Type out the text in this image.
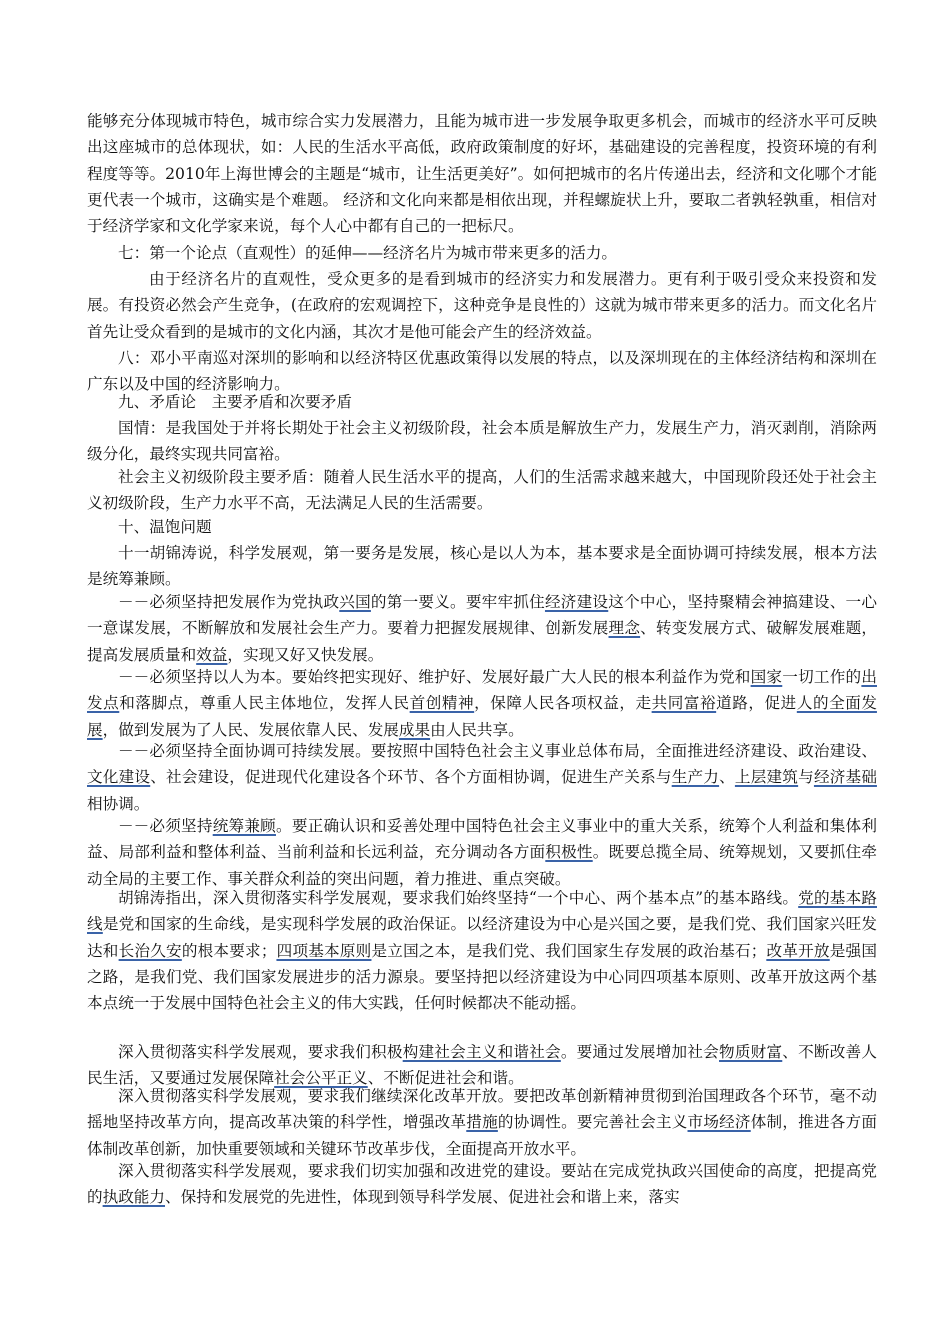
能够充分体现城市特色，城市综合实力发展潜力，且能为城市进一步发展争取更多机会，而城市的经济水平可反映出这座城市的总体现状，如：人民的生活水平高低，政府政策制度的好坏，基础建设的完善程度，投资环境的有利程度等等。2010年上海世博会的主题是“城市，让生活更美好”。如何把城市的名片传递出去，经济和文化哪个才能更代表一个城市，这确实是个难题。 经济和文化向来都是相依出现，并程螺旋状上升，要取二者孰轻孰重，相信对于经济学家和文化学家来说，每个人心中都有自己的一把标尺。

七：第一个论点（直观性）的延伸——经济名片为城市带来更多的活力。

由于经济名片的直观性，受众更多的是看到城市的经济实力和发展潜力。更有利于吸引受众来投资和发展。有投资必然会产生竞争，(在政府的宏观调控下，这种竞争是良性的）这就为城市带来更多的活力。而文化名片首先让受众看到的是城市的文化内涵，其次才是他可能会产生的经济效益。

八：邓小平南巡对深圳的影响和以经济特区优惠政策得以发展的特点，以及深圳现在的主体经济结构和深圳在广东以及中国的经济影响力。

九、矛盾论　主要矛盾和次要矛盾

国情：是我国处于并将长期处于社会主义初级阶段，社会本质是解放生产力，发展生产力，消灭剥削，消除两级分化，最终实现共同富裕。

社会主义初级阶段主要矛盾：随着人民生活水平的提高，人们的生活需求越来越大，中国现阶段还处于社会主义初级阶段，生产力水平不高，无法满足人民的生活需要。

十、温饱问题

十一胡锦涛说，科学发展观，第一要务是发展，核心是以人为本，基本要求是全面协调可持续发展，根本方法是统筹兼顾。

－－必须坚持把发展作为党执政兴国的第一要义。要牢牢抓住经济建设这个中心，坚持聚精会神搞建设、一心一意谋发展，不断解放和发展社会生产力。要着力把握发展规律、创新发展理念、转变发展方式、破解发展难题，提高发展质量和效益，实现又好又快发展。

－－必须坚持以人为本。要始终把实现好、维护好、发展好最广大人民的根本利益作为党和国家一切工作的出发点和落脚点，尊重人民主体地位，发挥人民首创精神，保障人民各项权益，走共同富裕道路，促进人的全面发展，做到发展为了人民、发展依靠人民、发展成果由人民共享。

－－必须坚持全面协调可持续发展。要按照中国特色社会主义事业总体布局，全面推进经济建设、政治建设、文化建设、社会建设，促进现代化建设各个环节、各个方面相协调，促进生产关系与生产力、上层建筑与经济基础相协调。

－－必须坚持统筹兼顾。要正确认识和妥善处理中国特色社会主义事业中的重大关系，统筹个人利益和集体利益、局部利益和整体利益、当前利益和长远利益，充分调动各方面积极性。既要总揽全局、统筹规划，又要抓住牵动全局的主要工作、事关群众利益的突出问题，着力推进、重点突破。

胡锦涛指出，深入贯彻落实科学发展观，要求我们始终坚持“一个中心、两个基本点”的基本路线。党的基本路线是党和国家的生命线，是实现科学发展的政治保证。以经济建设为中心是兴国之要，是我们党、我们国家兴旺发达和长治久安的根本要求；四项基本原则是立国之本，是我们党、我们国家生存发展的政治基石；改革开放是强国之路，是我们党、我们国家发展进步的活力源泉。要坚持把以经济建设为中心同四项基本原则、改革开放这两个基本点统一于发展中国特色社会主义的伟大实践，任何时候都决不能动摇。

深入贯彻落实科学发展观，要求我们积极构建社会主义和谐社会。要通过发展增加社会物质财富、不断改善人民生活，又要通过发展保障社会公平正义、不断促进社会和谐。

深入贯彻落实科学发展观，要求我们继续深化改革开放。要把改革创新精神贯彻到治国理政各个环节，毫不动摇地坚持改革方向，提高改革决策的科学性，增强改革措施的协调性。要完善社会主义市场经济体制，推进各方面体制改革创新，加快重要领域和关键环节改革步伐，全面提高开放水平。

深入贯彻落实科学发展观，要求我们切实加强和改进党的建设。要站在完成党执政兴国使命的高度，把提高党的执政能力、保持和发展党的先进性，体现到领导科学发展、促进社会和谐上来，落实
